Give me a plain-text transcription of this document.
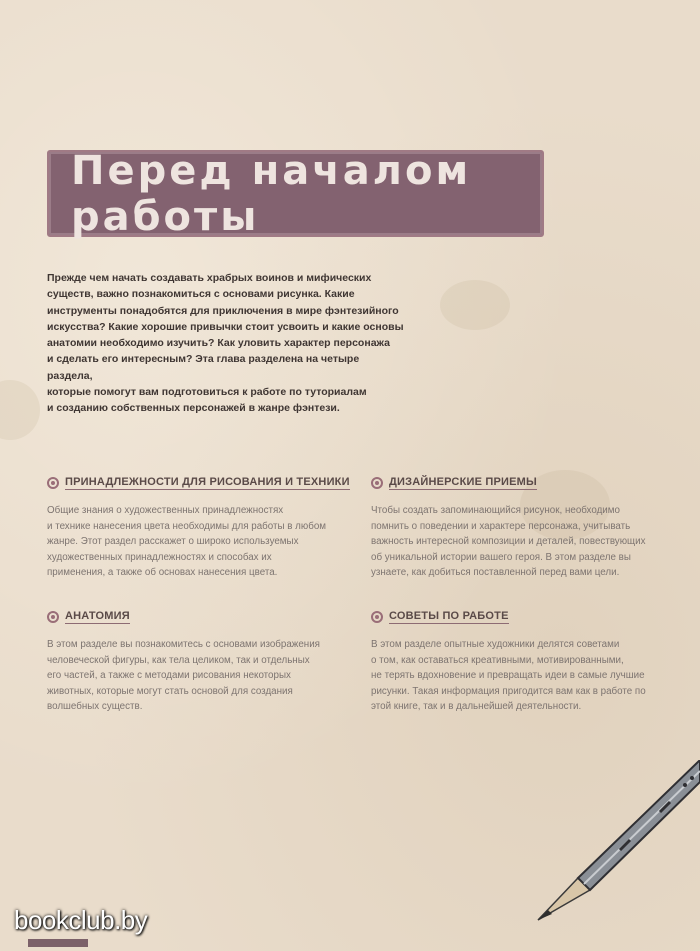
Перед началом работы

Прежде чем начать создавать храбрых воинов и мифических

существ, важно познакомиться с основами рисунка. Какие

инструменты понадобятся для приключения в мире фэнтезийного

искусства? Какие хорошие привычки стоит усвоить и какие основы

анатомии необходимо изучить? Как уловить характер персонажа

и сделать его интересным? Эта глава разделена на четыре раздела,

которые помогут вам подготовиться к работе по туториалам

и созданию собственных персонажей в жанре фэнтези.

ПРИНАДЛЕЖНОСТИ ДЛЯ РИСОВАНИЯ И ТЕХНИКИ

Общие знания о художественных принадлежностях

и технике нанесения цвета необходимы для работы в любом

жанре. Этот раздел расскажет о широко используемых

художественных принадлежностях и способах их

применения, а также об основах нанесения цвета.

ДИЗАЙНЕРСКИЕ ПРИЕМЫ

Чтобы создать запоминающийся рисунок, необходимо

помнить о поведении и характере персонажа, учитывать

важность интересной композиции и деталей, повествующих

об уникальной истории вашего героя. В этом разделе вы

узнаете, как добиться поставленной перед вами цели.

АНАТОМИЯ

В этом разделе вы познакомитесь с основами изображения

человеческой фигуры, как тела целиком, так и отдельных

его частей, а также с методами рисования некоторых

животных, которые могут стать основой для создания

волшебных существ.

СОВЕТЫ ПО РАБОТЕ

В этом разделе опытные художники делятся советами

о том, как оставаться креативными, мотивированными,

не терять вдохновение и превращать идеи в самые лучшие

рисунки. Такая информация пригодится вам как в работе по

этой книге, так и в дальнейшей деятельности.

bookclub.by
